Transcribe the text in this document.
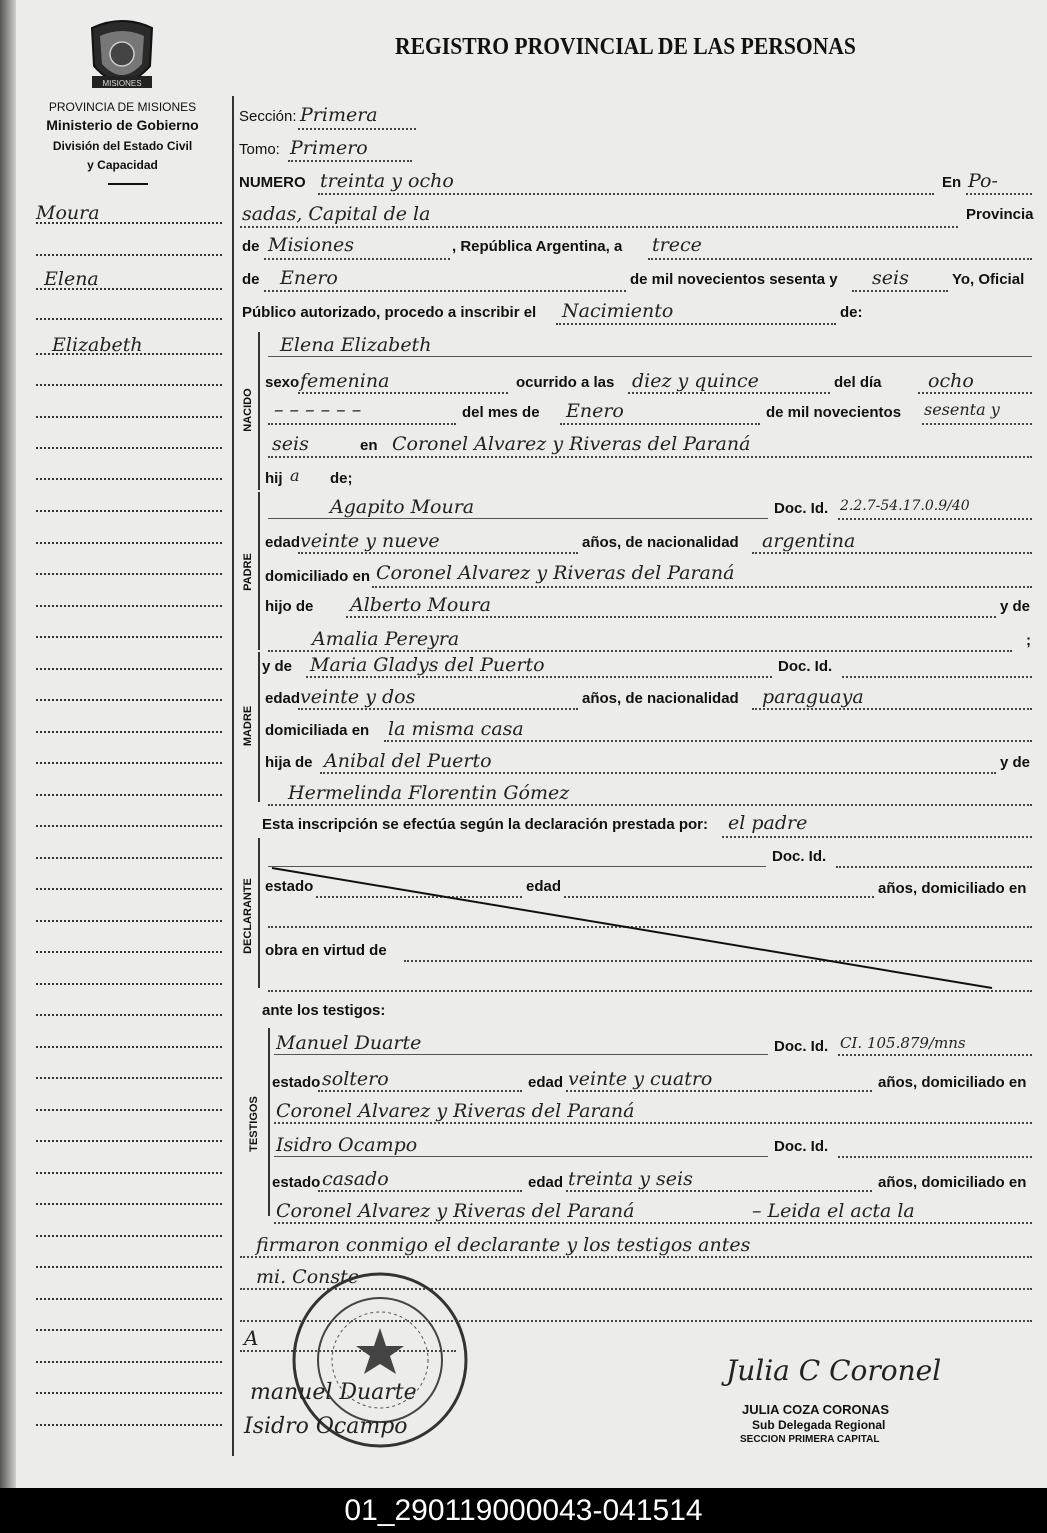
MISIONES
PROVINCIA DE MISIONES
Ministerio de Gobierno
División del Estado Civil
y Capacidad
REGISTRO PROVINCIAL DE LAS PERSONAS
Moura
Elena
Elizabeth
Sección: Primera
Tomo: Primero
NUMERO treinta y ocho	En Po-
sadas, Capital de la	Provincia
de Misiones	, República Argentina, a trece
de Enero	de mil novecientos sesenta y seis	Yo, Oficial
Público autorizado, procedo a inscribir el Nacimiento	de:
NACIDO
Elena Elizabeth
sexo femenina	ocurrido a las diez y quince	del día ocho
– – – – – –	del mes de Enero	de mil novecientos sesenta y
seis	en Coronel Alvarez y Riveras del Paraná
hij a de;
PADRE
Agapito Moura	Doc. Id. 2.2.7-54.17.0.9/40
edad veinte y nueve	años, de nacionalidad argentina
domiciliado en Coronel Alvarez y Riveras del Paraná
hijo de Alberto Moura	y de
Amalia Pereyra	;
MADRE
y de Maria Gladys del Puerto	Doc. Id.
edad veinte y dos	años, de nacionalidad paraguaya
domiciliada en la misma casa
hija de Anibal del Puerto	y de
Hermelinda Florentin Gómez
Esta inscripción se efectúa según la declaración prestada por: el padre
DECLARANTE
Doc. Id.
estado	edad	años, domiciliado en
obra en virtud de
ante los testigos:
TESTIGOS
Manuel Duarte	Doc. Id. CI. 105.879/mns
estado soltero	edad veinte y cuatro	años, domiciliado en
Coronel Alvarez y Riveras del Paraná
Isidro Ocampo	Doc. Id.
estado casado	edad treinta y seis	años, domiciliado en
Coronel Alvarez y Riveras del Paraná	– Leida el acta la
firmaron conmigo el declarante y los testigos antes
mi. Conste
A
manuel Duarte
Isidro Ocampo
Julia C Coronel
JULIA COZA CORONAS
Sub Delegada Regional
SECCION PRIMERA CAPITAL
01_290119000043-041514
